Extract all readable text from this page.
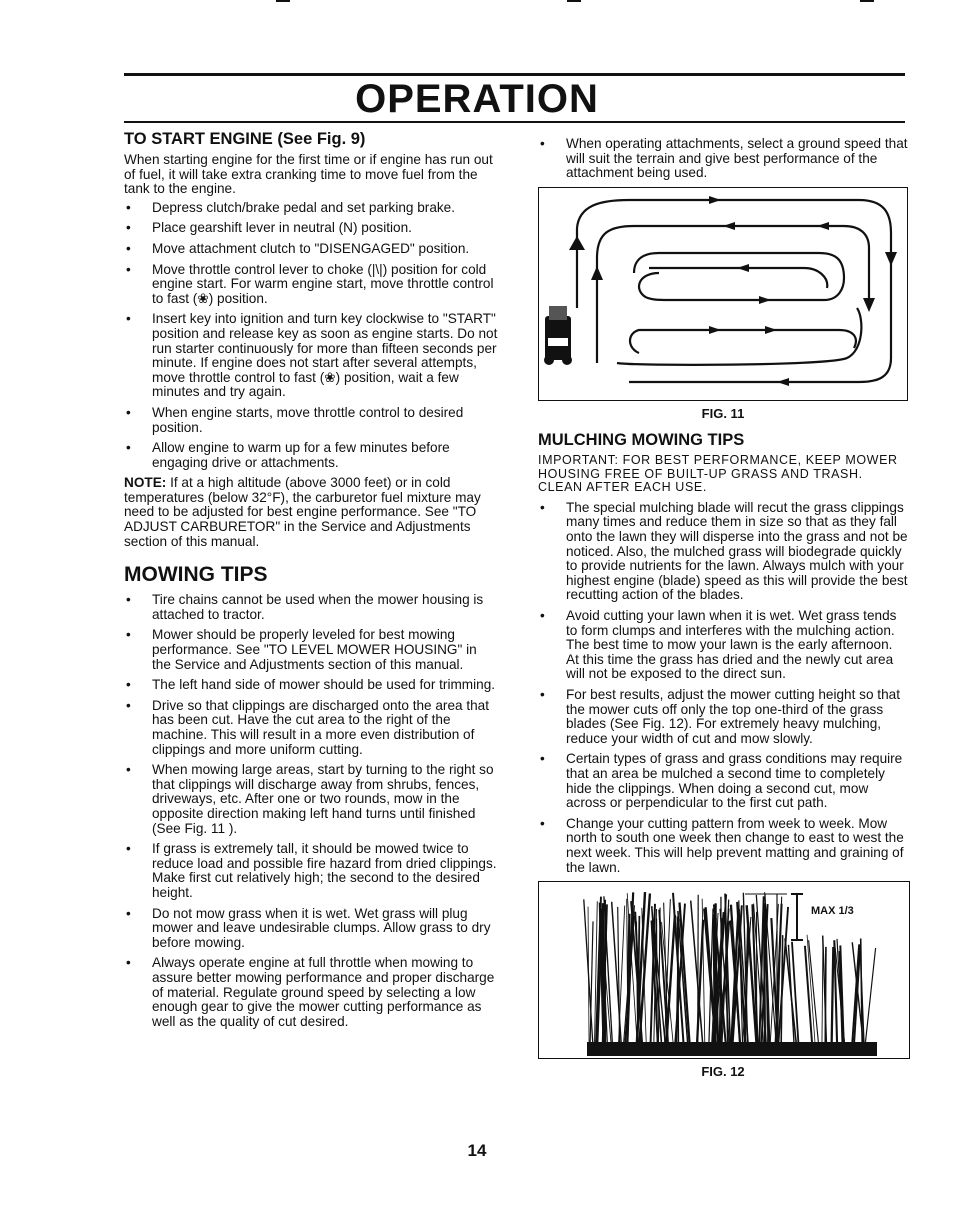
OPERATION
TO START ENGINE (See Fig. 9)

When starting engine for the first time or if engine has run out of fuel, it will take extra cranking time to move fuel from the tank to the engine.

• Depress clutch/brake pedal and set parking brake.
• Place gearshift lever in neutral (N) position.
• Move attachment clutch to "DISENGAGED" position.
• Move throttle control lever to choke (|\|) position for cold engine start. For warm engine start, move throttle control to fast (❀) position.
• Insert key into ignition and turn key clockwise to "START" position and release key as soon as engine starts. Do not run starter continuously for more than fifteen seconds per minute. If engine does not start after several attempts, move throttle control to fast (❀) position, wait a few minutes and try again.
• When engine starts, move throttle control to desired position.
• Allow engine to warm up for a few minutes before engaging drive or attachments.

NOTE: If at a high altitude (above 3000 feet) or in cold temperatures (below 32°F), the carburetor fuel mixture may need to be adjusted for best engine performance. See "TO ADJUST CARBURETOR" in the Service and Adjustments section of this manual.

MOWING TIPS
• Tire chains cannot be used when the mower housing is attached to tractor.
• Mower should be properly leveled for best mowing performance. See "TO LEVEL MOWER HOUSING" in the Service and Adjustments section of this manual.
• The left hand side of mower should be used for trimming.
• Drive so that clippings are discharged onto the area that has been cut. Have the cut area to the right of the machine. This will result in a more even distribution of clippings and more uniform cutting.
• When mowing large areas, start by turning to the right so that clippings will discharge away from shrubs, fences, driveways, etc. After one or two rounds, mow in the opposite direction making left hand turns until finished (See Fig. 11 ).
• If grass is extremely tall, it should be mowed twice to reduce load and possible fire hazard from dried clippings. Make first cut relatively high; the second to the desired height.
• Do not mow grass when it is wet. Wet grass will plug mower and leave undesirable clumps. Allow grass to dry before mowing.
• Always operate engine at full throttle when mowing to assure better mowing performance and proper discharge of material. Regulate ground speed by selecting a low enough gear to give the mower cutting performance as well as the quality of cut desired.
• When operating attachments, select a ground speed that will suit the terrain and give best performance of the attachment being used.
FIG. 11
MULCHING MOWING TIPS

IMPORTANT: FOR BEST PERFORMANCE, KEEP MOWER HOUSING FREE OF BUILT-UP GRASS AND TRASH. CLEAN AFTER EACH USE.

• The special mulching blade will recut the grass clippings many times and reduce them in size so that as they fall onto the lawn they will disperse into the grass and not be noticed. Also, the mulched grass will biodegrade quickly to provide nutrients for the lawn. Always mulch with your highest engine (blade) speed as this will provide the best recutting action of the blades.
• Avoid cutting your lawn when it is wet. Wet grass tends to form clumps and interferes with the mulching action. The best time to mow your lawn is the early afternoon. At this time the grass has dried and the newly cut area will not be exposed to the direct sun.
• For best results, adjust the mower cutting height so that the mower cuts off only the top one-third of the grass blades (See Fig. 12). For extremely heavy mulching, reduce your width of cut and mow slowly.
• Certain types of grass and grass conditions may require that an area be mulched a second time to completely hide the clippings. When doing a second cut, mow across or perpendicular to the first cut path.
• Change your cutting pattern from week to week. Mow north to south one week then change to east to west the next week. This will help prevent matting and graining of the lawn.
MAX 1/3
FIG. 12
14
